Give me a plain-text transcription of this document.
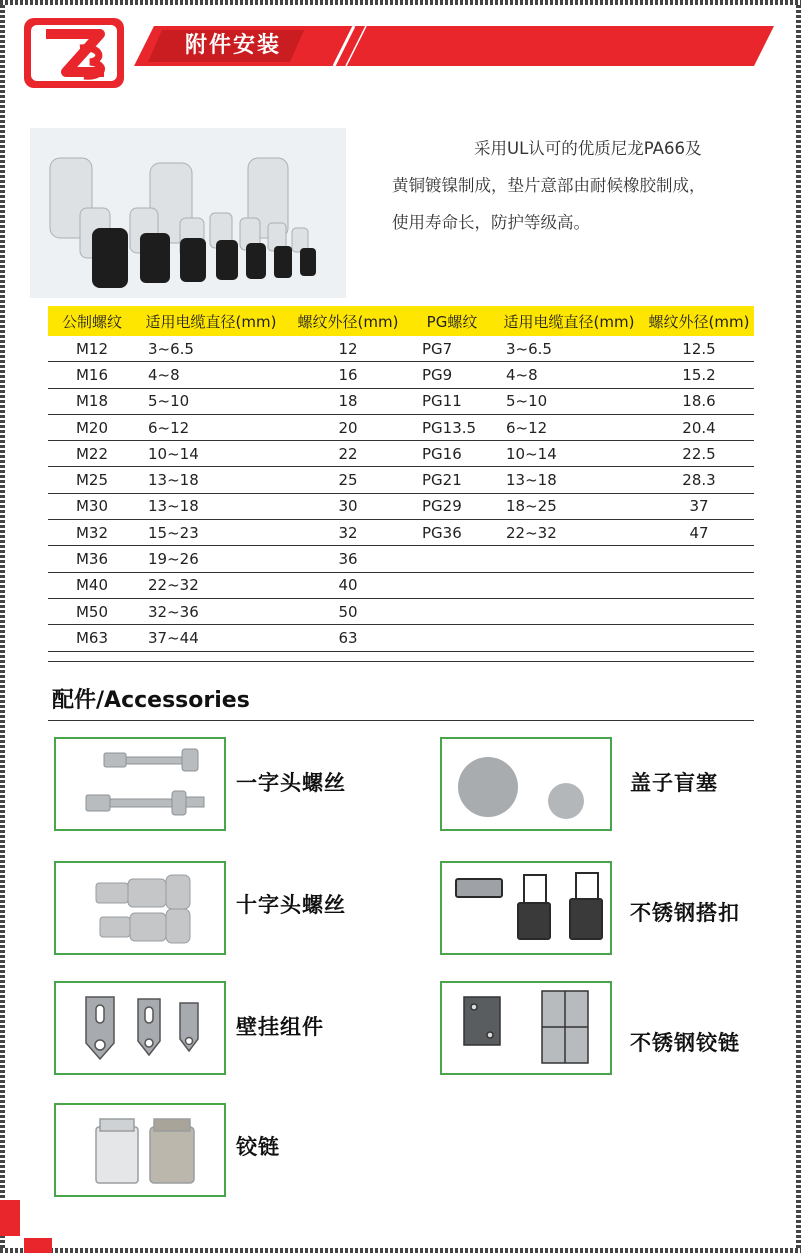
附件安装

采用UL认可的优质尼龙PA66及

黄铜镀镍制成，垫片意部由耐候橡胶制成，

使用寿命长，防护等级高。

公制螺纹	适用电缆直径(mm)	螺纹外径(mm)	PG螺纹	适用电缆直径(mm)	螺纹外径(mm)
M12	3~6.5	12	PG7	3~6.5	12.5
M16	4~8	16	PG9	4~8	15.2
M18	5~10	18	PG11	5~10	18.6
M20	6~12	20	PG13.5	6~12	20.4
M22	10~14	22	PG16	10~14	22.5
M25	13~18	25	PG21	13~18	28.3
M30	13~18	30	PG29	18~25	37
M32	15~23	32	PG36	22~32	47
M36	19~26	36			
M40	22~32	40			
M50	32~36	50			
M63	37~44	63			
配件/Accessories
一字头螺丝	盖子盲塞
十字头螺丝	不锈钢搭扣
壁挂组件
不锈钢铰链
铰链
